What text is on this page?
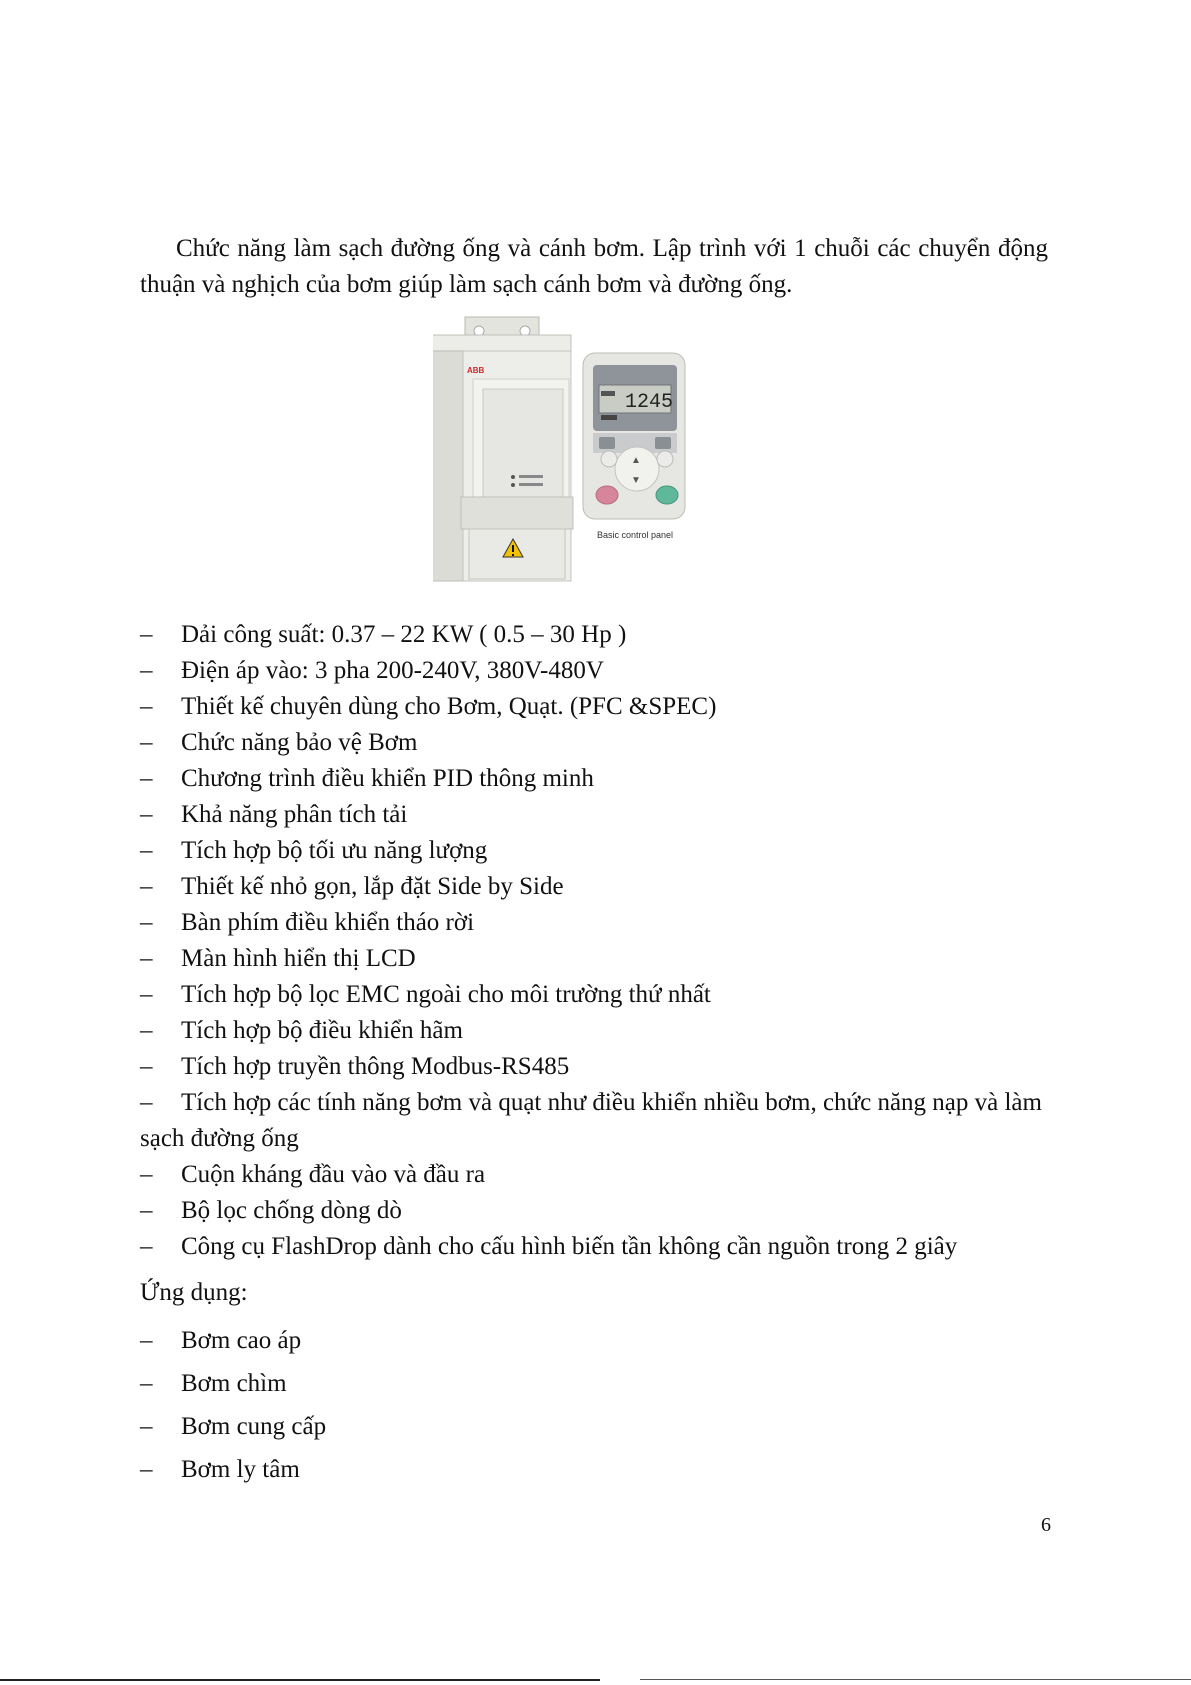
Chức năng làm sạch đường ống và cánh bơm. Lập trình với 1 chuỗi các chuyển động thuận và nghịch của bơm giúp làm sạch cánh bơm và đường ống.

ABB
1245
▲
▼
Basic control panel
– Dải công suất: 0.37 – 22 KW ( 0.5 – 30 Hp )
– Điện áp vào: 3 pha 200-240V, 380V-480V
– Thiết kế chuyên dùng cho Bơm, Quạt. (PFC &SPEC)
– Chức năng bảo vệ Bơm
– Chương trình điều khiển PID thông minh
– Khả năng phân tích tải
– Tích hợp bộ tối ưu năng lượng
– Thiết kế nhỏ gọn, lắp đặt Side by Side
– Bàn phím điều khiển tháo rời
– Màn hình hiển thị LCD
– Tích hợp bộ lọc EMC ngoài cho môi trường thứ nhất
– Tích hợp bộ điều khiển hãm
– Tích hợp truyền thông Modbus-RS485
– Tích hợp các tính năng bơm và quạt như điều khiển nhiều bơm, chức năng nạp và làm sạch đường ống
– Cuộn kháng đầu vào và đầu ra
– Bộ lọc chống dòng dò
– Công cụ FlashDrop dành cho cấu hình biến tần không cần nguồn trong 2 giây

Ứng dụng:

– Bơm cao áp
– Bơm chìm
– Bơm cung cấp
– Bơm ly tâm
6
